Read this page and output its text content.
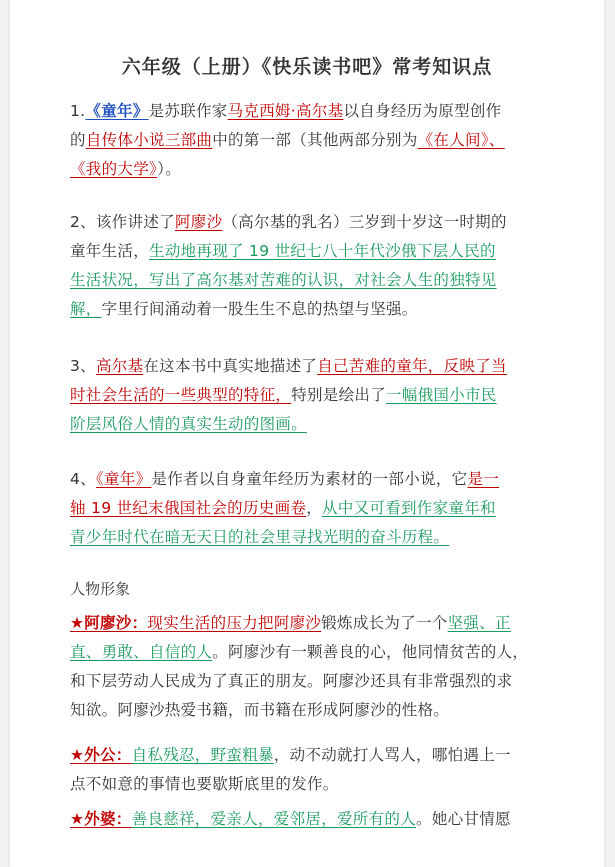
六年级（上册）《快乐读书吧》常考知识点
1.《童年》是苏联作家马克西姆·高尔基以自身经历为原型创作
的自传体小说三部曲中的第一部（其他两部分别为《在人间》、
《我的大学》）。
2、该作讲述了阿廖沙（高尔基的乳名）三岁到十岁这一时期的
童年生活，生动地再现了 19 世纪七八十年代沙俄下层人民的
生活状况，写出了高尔基对苦难的认识，对社会人生的独特见
解，字里行间涌动着一股生生不息的热望与坚强。
3、高尔基在这本书中真实地描述了自己苦难的童年，反映了当
时社会生活的一些典型的特征，特别是绘出了一幅俄国小市民
阶层风俗人情的真实生动的图画。
4、《童年》是作者以自身童年经历为素材的一部小说，它是一
轴 19 世纪末俄国社会的历史画卷，从中又可看到作家童年和
青少年时代在暗无天日的社会里寻找光明的奋斗历程。
人物形象
★阿廖沙：现实生活的压力把阿廖沙锻炼成长为了一个坚强、正
直、勇敢、自信的人。阿廖沙有一颗善良的心，他同情贫苦的人，
和下层劳动人民成为了真正的朋友。阿廖沙还具有非常强烈的求
知欲。阿廖沙热爱书籍，而书籍在形成阿廖沙的性格。
★外公：自私残忍，野蛮粗暴，动不动就打人骂人，哪怕遇上一
点不如意的事情也要歇斯底里的发作。
★外婆：善良慈祥，爱亲人，爱邻居，爱所有的人。她心甘情愿
